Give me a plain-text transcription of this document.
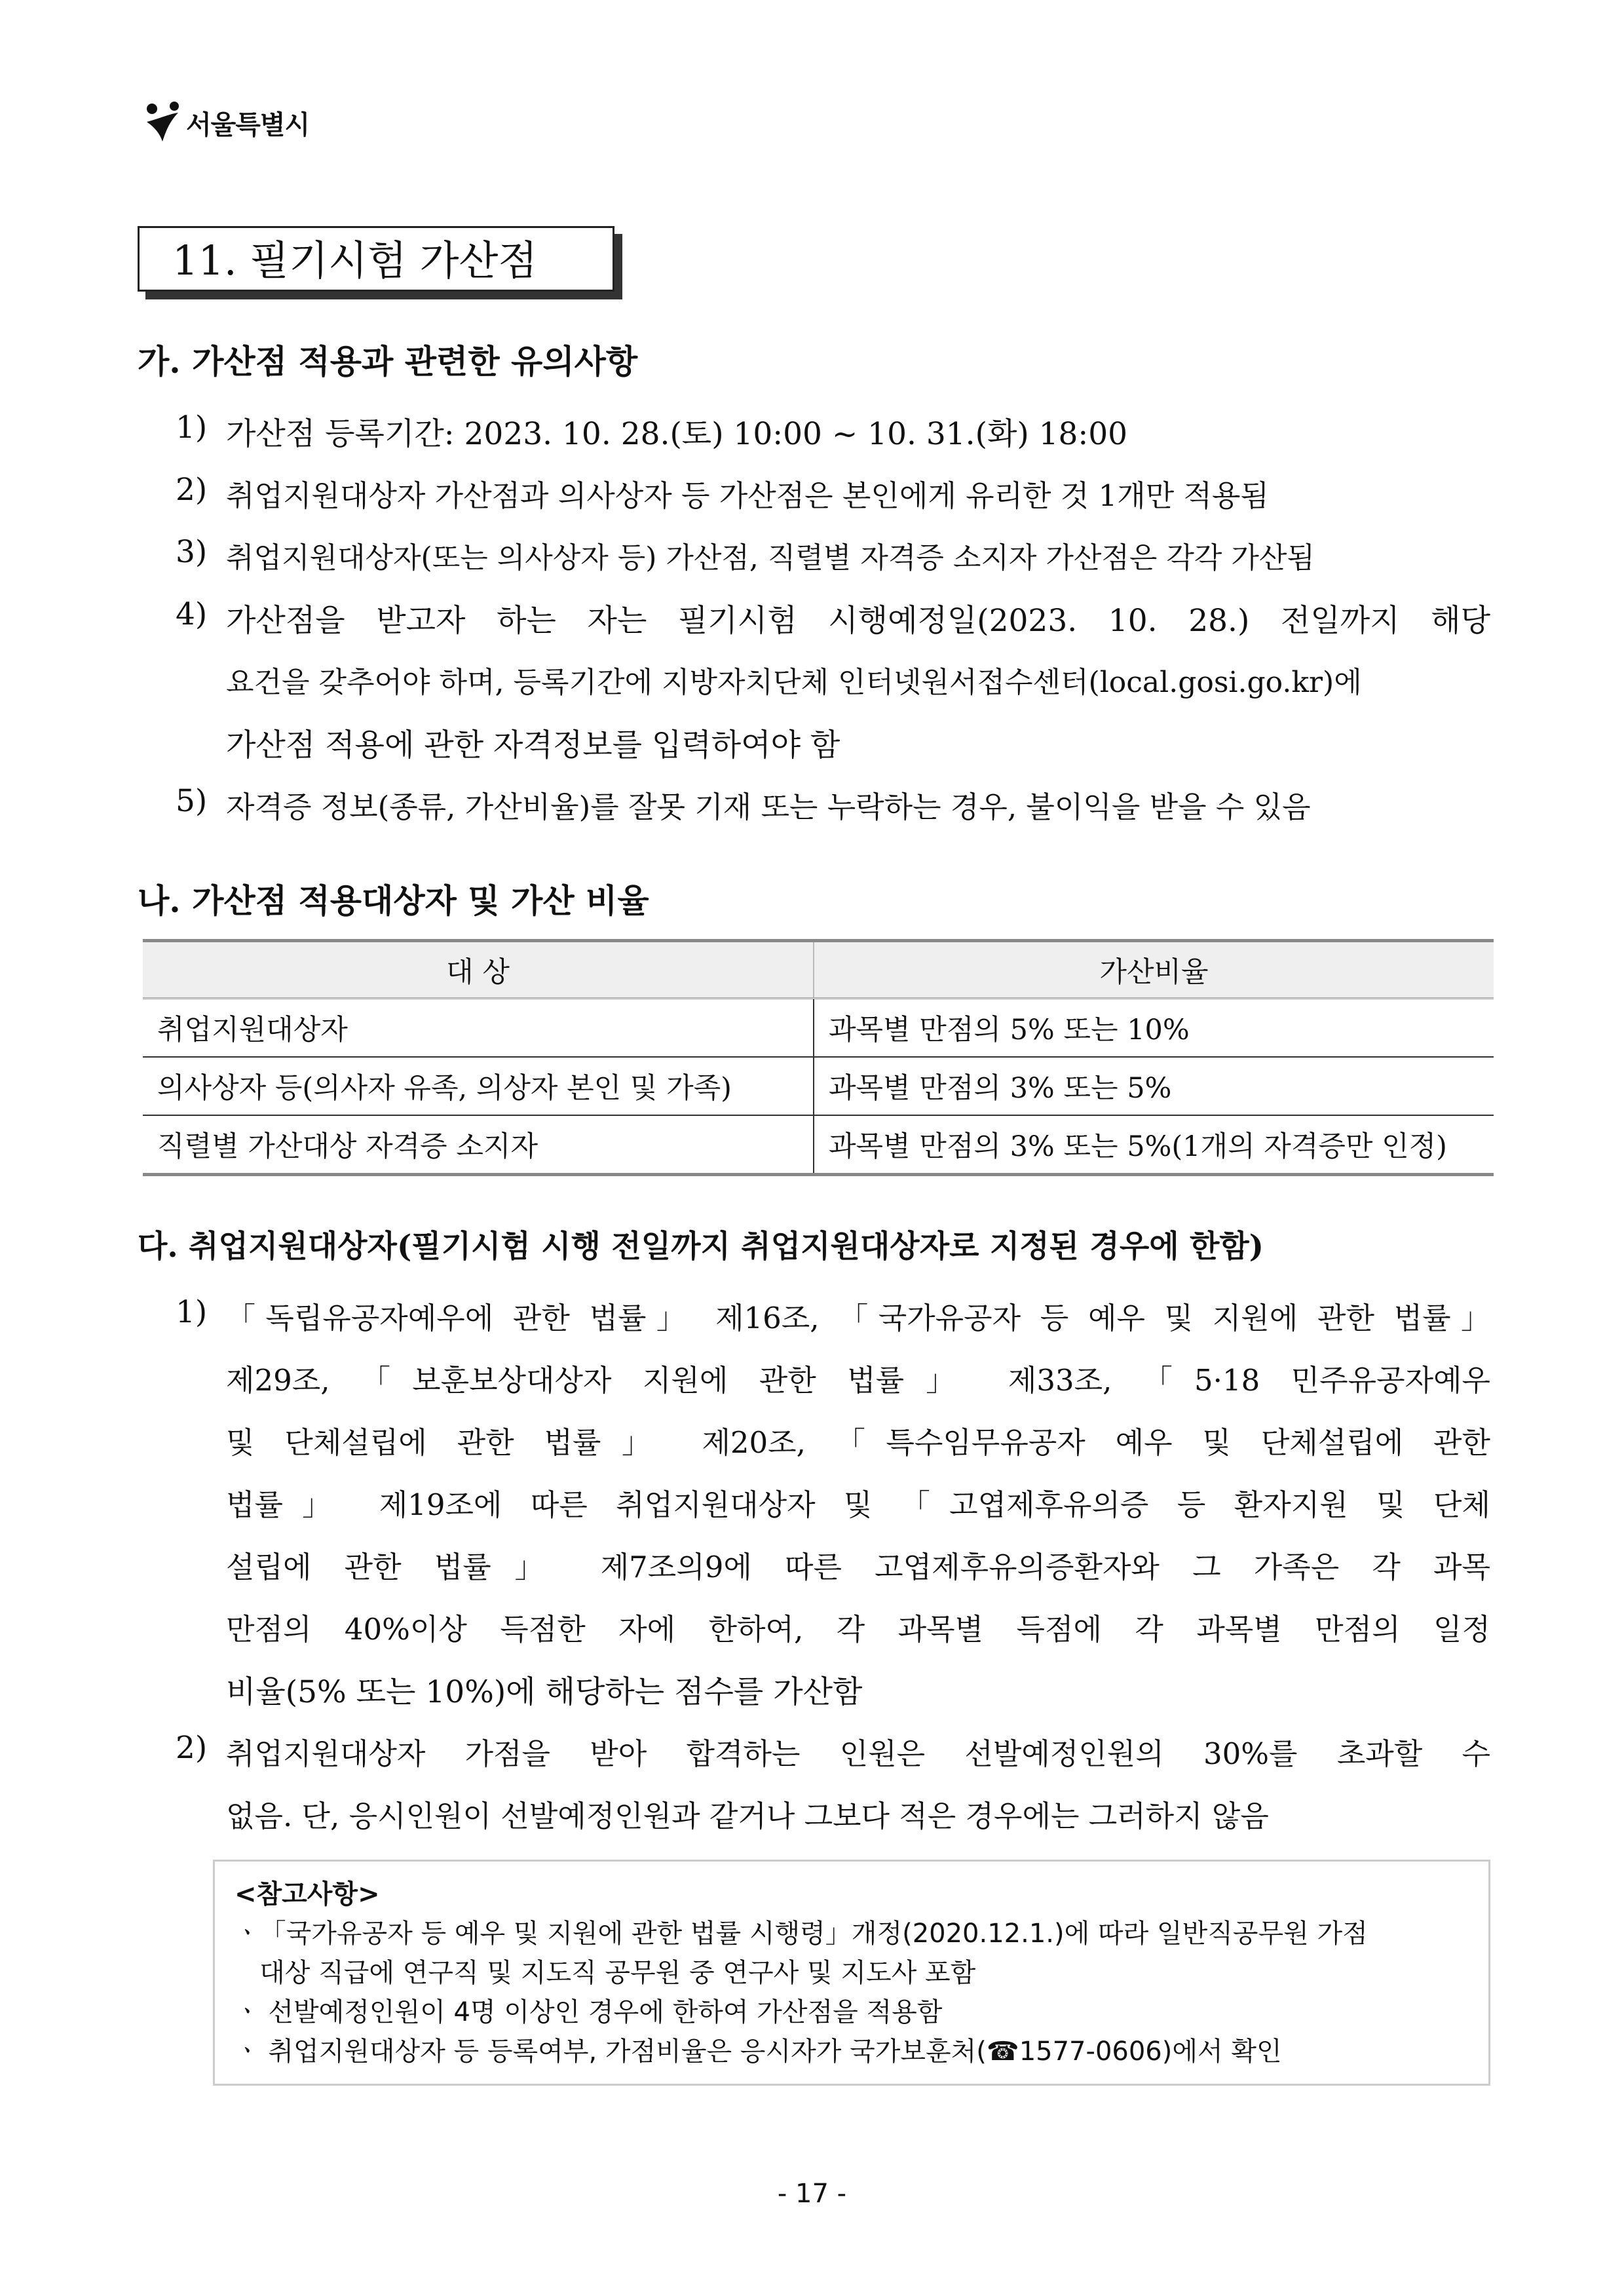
서울특별시
11. 필기시험 가산점
가. 가산점 적용과 관련한 유의사항
1) 가산점 등록기간: 2023. 10. 28.(토) 10:00 ~ 10. 31.(화) 18:00
2) 취업지원대상자 가산점과 의사상자 등 가산점은 본인에게 유리한 것 1개만 적용됨
3) 취업지원대상자(또는 의사상자 등) 가산점, 직렬별 자격증 소지자 가산점은 각각 가산됨
4) 가산점을 받고자 하는 자는 필기시험 시행예정일(2023. 10. 28.) 전일까지 해당
요건을 갖추어야 하며, 등록기간에 지방자치단체 인터넷원서접수센터(local.gosi.go.kr)에
가산점 적용에 관한 자격정보를 입력하여야 함
5) 자격증 정보(종류, 가산비율)를 잘못 기재 또는 누락하는 경우, 불이익을 받을 수 있음
나. 가산점 적용대상자 및 가산 비율
대 상	가산비율
취업지원대상자	과목별 만점의 5% 또는 10%
의사상자 등(의사자 유족, 의상자 본인 및 가족)	과목별 만점의 3% 또는 5%
직렬별 가산대상 자격증 소지자	과목별 만점의 3% 또는 5%(1개의 자격증만 인정)
다. 취업지원대상자(필기시험 시행 전일까지 취업지원대상자로 지정된 경우에 한함)
1) 「독립유공자예우에 관한 법률」 제16조, 「국가유공자 등 예우 및 지원에 관한 법률」
제29조, 「보훈보상대상자 지원에 관한 법률」 제33조, 「5·18 민주유공자예우
및 단체설립에 관한 법률」 제20조, 「특수임무유공자 예우 및 단체설립에 관한
법률」 제19조에 따른 취업지원대상자 및 「고엽제후유의증 등 환자지원 및 단체
설립에 관한 법률」 제7조의9에 따른 고엽제후유의증환자와 그 가족은 각 과목
만점의 40%이상 득점한 자에 한하여, 각 과목별 득점에 각 과목별 만점의 일정
비율(5% 또는 10%)에 해당하는 점수를 가산함
2) 취업지원대상자 가점을 받아 합격하는 인원은 선발예정인원의 30%를 초과할 수
없음. 단, 응시인원이 선발예정인원과 같거나 그보다 적은 경우에는 그러하지 않음
<참고사항>
ㆍ「국가유공자 등 예우 및 지원에 관한 법률 시행령」개정(2020.12.1.)에 따라 일반직공무원 가점
대상 직급에 연구직 및 지도직 공무원 중 연구사 및 지도사 포함
ㆍ 선발예정인원이 4명 이상인 경우에 한하여 가산점을 적용함
ㆍ 취업지원대상자 등 등록여부, 가점비율은 응시자가 국가보훈처(☎1577-0606)에서 확인
- 17 -
